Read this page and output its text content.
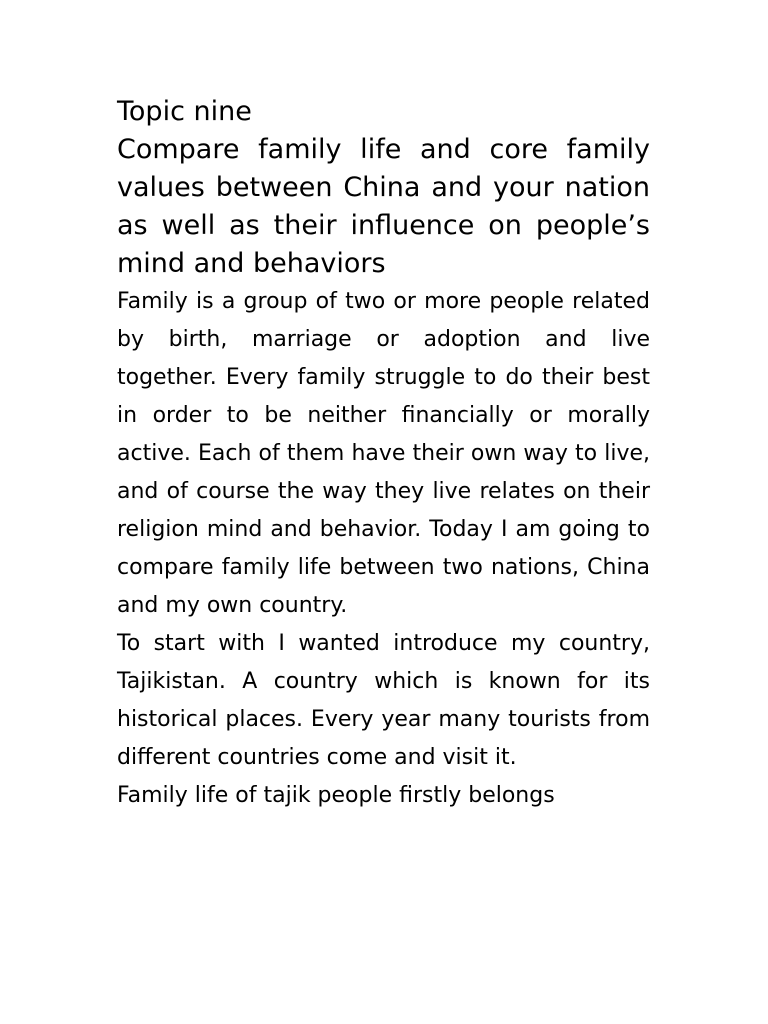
Topic nine
Compare family life and core family values between China and your nation as well as their influence on people’s mind and behaviors

Family is a group of two or more people related by birth, marriage or adoption and live together. Every family struggle to do their best in order to be neither financially or morally active. Each of them have their own way to live, and of course the way they live relates on their religion mind and behavior. Today I am going to compare family life between two nations, China and my own country.

To start with I wanted introduce my country, Tajikistan. A country which is known for its historical places. Every year many tourists from different countries come and visit it.

Family life of tajik people firstly belongs
